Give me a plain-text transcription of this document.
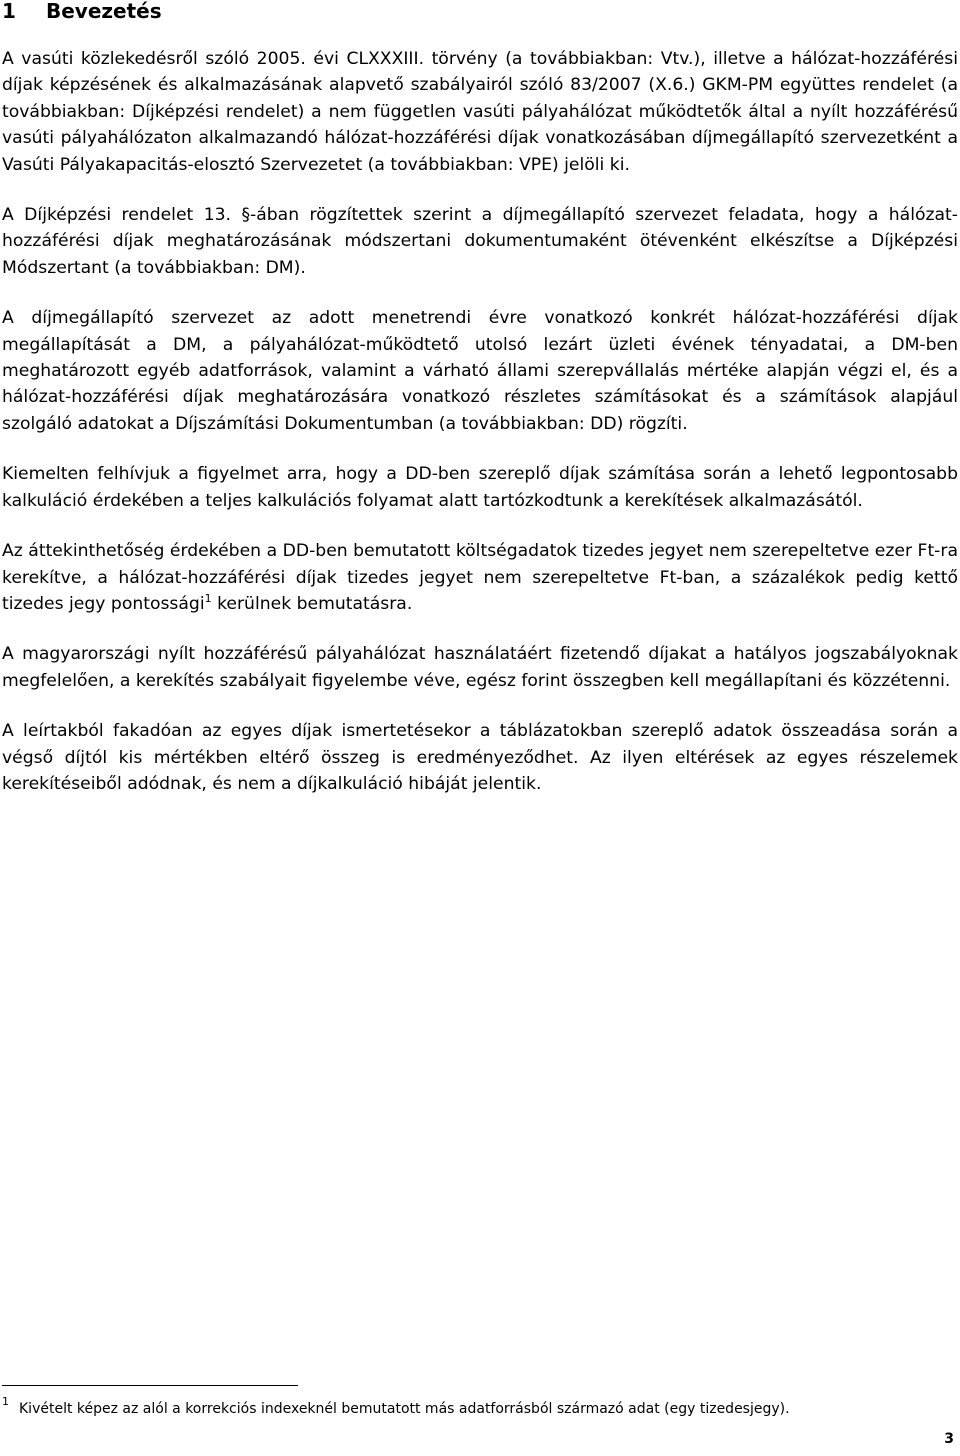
1 Bevezetés

A vasúti közlekedésről szóló 2005. évi CLXXXIII. törvény (a továbbiakban: Vtv.), illetve a hálózat-hozzáférési díjak képzésének és alkalmazásának alapvető szabályairól szóló 83/2007 (X.6.) GKM-PM együttes rendelet (a továbbiakban: Díjképzési rendelet) a nem független vasúti pályahálózat működtetők által a nyílt hozzáférésű vasúti pályahálózaton alkalmazandó hálózat-hozzáférési díjak vonatkozásában díjmegállapító szervezetként a Vasúti Pályakapacitás-elosztó Szervezetet (a továbbiakban: VPE) jelöli ki.

A Díjképzési rendelet 13. §-ában rögzítettek szerint a díjmegállapító szervezet feladata, hogy a hálózat-hozzáférési díjak meghatározásának módszertani dokumentumaként ötévenként elkészítse a Díjképzési Módszertant (a továbbiakban: DM).

A díjmegállapító szervezet az adott menetrendi évre vonatkozó konkrét hálózat-hozzáférési díjak megállapítását a DM, a pályahálózat-működtető utolsó lezárt üzleti évének tényadatai, a DM-ben meghatározott egyéb adatforrások, valamint a várható állami szerepvállalás mértéke alapján végzi el, és a hálózat-hozzáférési díjak meghatározására vonatkozó részletes számításokat és a számítások alapjául szolgáló adatokat a Díjszámítási Dokumentumban (a továbbiakban: DD) rögzíti.

Kiemelten felhívjuk a figyelmet arra, hogy a DD-ben szereplő díjak számítása során a lehető legpontosabb kalkuláció érdekében a teljes kalkulációs folyamat alatt tartózkodtunk a kerekítések alkalmazásától.

Az áttekinthetőség érdekében a DD-ben bemutatott költségadatok tizedes jegyet nem szerepeltetve ezer Ft-ra kerekítve, a hálózat-hozzáférési díjak tizedes jegyet nem szerepeltetve Ft-ban, a százalékok pedig kettő tizedes jegy pontossági$^1$ kerülnek bemutatásra.

A magyarországi nyílt hozzáférésű pályahálózat használatáért fizetendő díjakat a hatályos jogszabályoknak megfelelően, a kerekítés szabályait figyelembe véve, egész forint összegben kell megállapítani és közzétenni.

A leírtakból fakadóan az egyes díjak ismertetésekor a táblázatokban szereplő adatok összeadása során a végső díjtól kis mértékben eltérő összeg is eredményeződhet. Az ilyen eltérések az egyes részelemek kerekítéseiből adódnak, és nem a díjkalkuláció hibáját jelentik.

$^1$ Kivételt képez az alól a korrekciós indexeknél bemutatott más adatforrásból származó adat (egy tizedesjegy).
3
